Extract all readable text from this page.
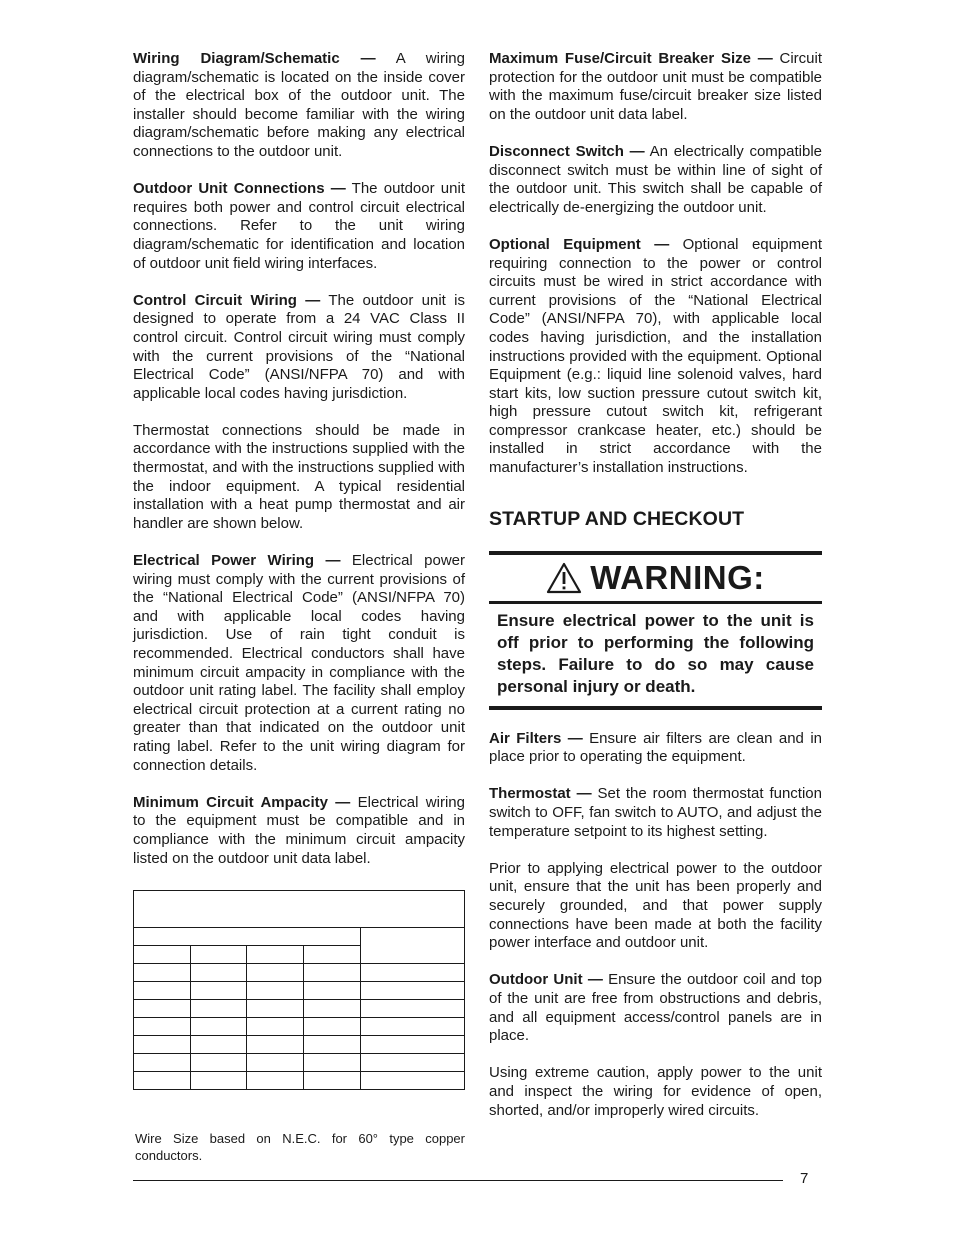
Wiring Diagram/Schematic — A wiring diagram/schematic is located on the inside cover of the electrical box of the outdoor unit. The installer should become familiar with the wiring diagram/schematic before making any electrical connections to the outdoor unit.

Outdoor Unit Connections — The outdoor unit requires both power and control circuit electrical connections. Refer to the unit wiring diagram/schematic for identification and location of outdoor unit field wiring interfaces.

Control Circuit Wiring — The outdoor unit is designed to operate from a 24 VAC Class II control circuit. Control circuit wiring must comply with the current provisions of the “National Electrical Code” (ANSI/NFPA 70) and with applicable local codes having jurisdiction.

Thermostat connections should be made in accordance with the instructions supplied with the thermostat, and with the instructions supplied with the indoor equipment. A typical residential installation with a heat pump thermostat and air handler are shown below.

Electrical Power Wiring — Electrical power wiring must comply with the current provisions of the “National Electrical Code” (ANSI/NFPA 70) and with applicable local codes having jurisdiction. Use of rain tight conduit is recommended. Electrical conductors shall have minimum circuit ampacity in compliance with the outdoor unit rating label. The facility shall employ electrical circuit protection at a current rating no greater than that indicated on the outdoor unit rating label. Refer to the unit wiring diagram for connection details.

Minimum Circuit Ampacity — Electrical wiring to the equipment must be compatible and in compliance with the minimum circuit ampacity listed on the outdoor unit data label.

Wire Size based on N.E.C. for 60° type copper conductors.

Maximum Fuse/Circuit Breaker Size — Circuit protection for the outdoor unit must be compatible with the maximum fuse/circuit breaker size listed on the outdoor unit data label.

Disconnect Switch — An electrically compatible disconnect switch must be within line of sight of the outdoor unit. This switch shall be capable of electrically de-energizing the outdoor unit.

Optional Equipment — Optional equipment requiring connection to the power or control circuits must be wired in strict accordance with current provisions of the “National Electrical Code” (ANSI/NFPA 70), with applicable local codes having jurisdiction, and the installation instructions provided with the equipment. Optional Equipment (e.g.: liquid line solenoid valves, hard start kits, low suction pressure cutout switch kit, high pressure cutout switch kit, refrigerant compressor crankcase heater, etc.) should be installed in strict accordance with the manufacturer’s installation instructions.

STARTUP AND CHECKOUT
WARNING:
Ensure electrical power to the unit is off prior to performing the following steps. Failure to do so may cause personal injury or death.

Air Filters — Ensure air filters are clean and in place prior to operating the equipment.

Thermostat — Set the room thermostat function switch to OFF, fan switch to AUTO, and adjust the temperature setpoint to its highest setting.

Prior to applying electrical power to the outdoor unit, ensure that the unit has been properly and securely grounded, and that power supply connections have been made at both the facility power interface and outdoor unit.

Outdoor Unit — Ensure the outdoor coil and top of the unit are free from obstructions and debris, and all equipment access/control panels are in place.

Using extreme caution, apply power to the unit and inspect the wiring for evidence of open, shorted, and/or improperly wired circuits.

7
